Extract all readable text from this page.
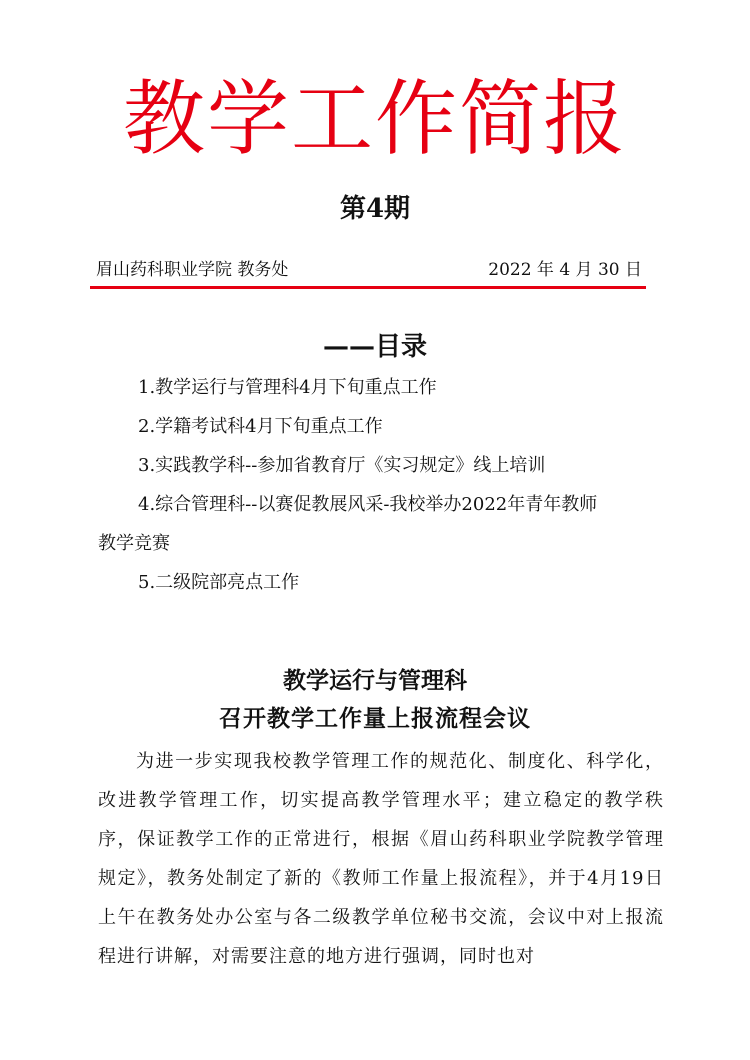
教学工作简报
第4期
眉山药科职业学院 教务处	2022 年 4 月 30 日
——目录
1.教学运行与管理科4月下旬重点工作
2.学籍考试科4月下旬重点工作
3.实践教学科--参加省教育厅《实习规定》线上培训
4.综合管理科--以赛促教展风采-我校举办2022年青年教师
教学竞赛
5.二级院部亮点工作
教学运行与管理科
召开教学工作量上报流程会议
为进一步实现我校教学管理工作的规范化、制度化、科学化，改进教学管理工作，切实提高教学管理水平；建立稳定的教学秩序，保证教学工作的正常进行，根据《眉山药科职业学院教学管理规定》，教务处制定了新的《教师工作量上报流程》，并于4月19日上午在教务处办公室与各二级教学单位秘书交流，会议中对上报流程进行讲解，对需要注意的地方进行强调，同时也对
